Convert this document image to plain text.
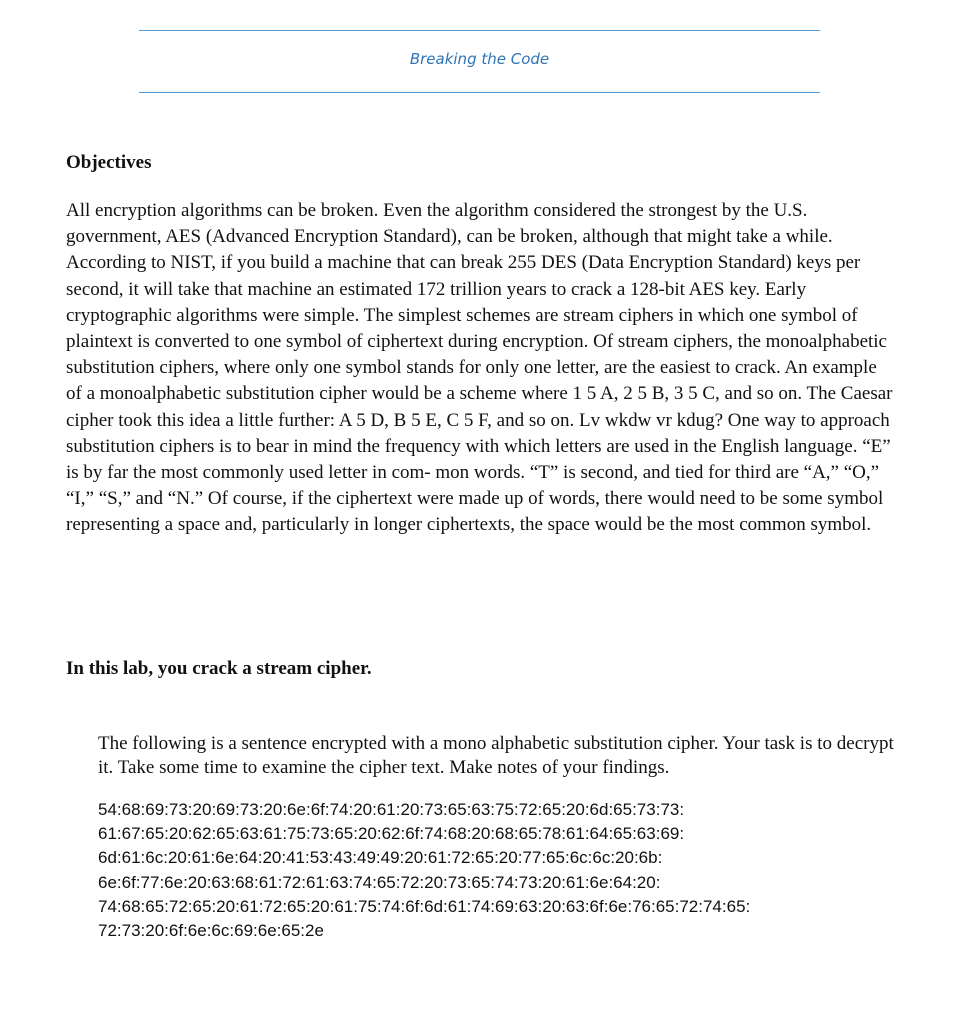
Breaking the Code
Objectives
All encryption algorithms can be broken. Even the algorithm considered the strongest by the U.S. government, AES (Advanced Encryption Standard), can be broken, although that might take a while. According to NIST, if you build a machine that can break 255 DES (Data Encryption Standard) keys per second, it will take that machine an estimated 172 trillion years to crack a 128-bit AES key. Early cryptographic algorithms were simple. The simplest schemes are stream ciphers in which one symbol of plaintext is converted to one symbol of ciphertext during encryption. Of stream ciphers, the monoalphabetic substitution ciphers, where only one symbol stands for only one letter, are the easiest to crack. An example of a monoalphabetic substitution cipher would be a scheme where 1 5 A, 2 5 B, 3 5 C, and so on. The Caesar cipher took this idea a little further: A 5 D, B 5 E, C 5 F, and so on. Lv wkdw vr kdug? One way to approach substitution ciphers is to bear in mind the frequency with which letters are used in the English language. “E” is by far the most commonly used letter in com- mon words. “T” is second, and tied for third are “A,” “O,” “I,” “S,” and “N.” Of course, if the ciphertext were made up of words, there would need to be some symbol representing a space and, particularly in longer ciphertexts, the space would be the most common symbol.
In this lab, you crack a stream cipher.
The following is a sentence encrypted with a mono alphabetic substitution cipher. Your task is to decrypt it. Take some time to examine the cipher text. Make notes of your findings.
54:68:69:73:20:69:73:20:6e:6f:74:20:61:20:73:65:63:75:72:65:20:6d:65:73:73:
61:67:65:20:62:65:63:61:75:73:65:20:62:6f:74:68:20:68:65:78:61:64:65:63:69:
6d:61:6c:20:61:6e:64:20:41:53:43:49:49:20:61:72:65:20:77:65:6c:6c:20:6b:
6e:6f:77:6e:20:63:68:61:72:61:63:74:65:72:20:73:65:74:73:20:61:6e:64:20:
74:68:65:72:65:20:61:72:65:20:61:75:74:6f:6d:61:74:69:63:20:63:6f:6e:76:65:72:74:65:
72:73:20:6f:6e:6c:69:6e:65:2e
